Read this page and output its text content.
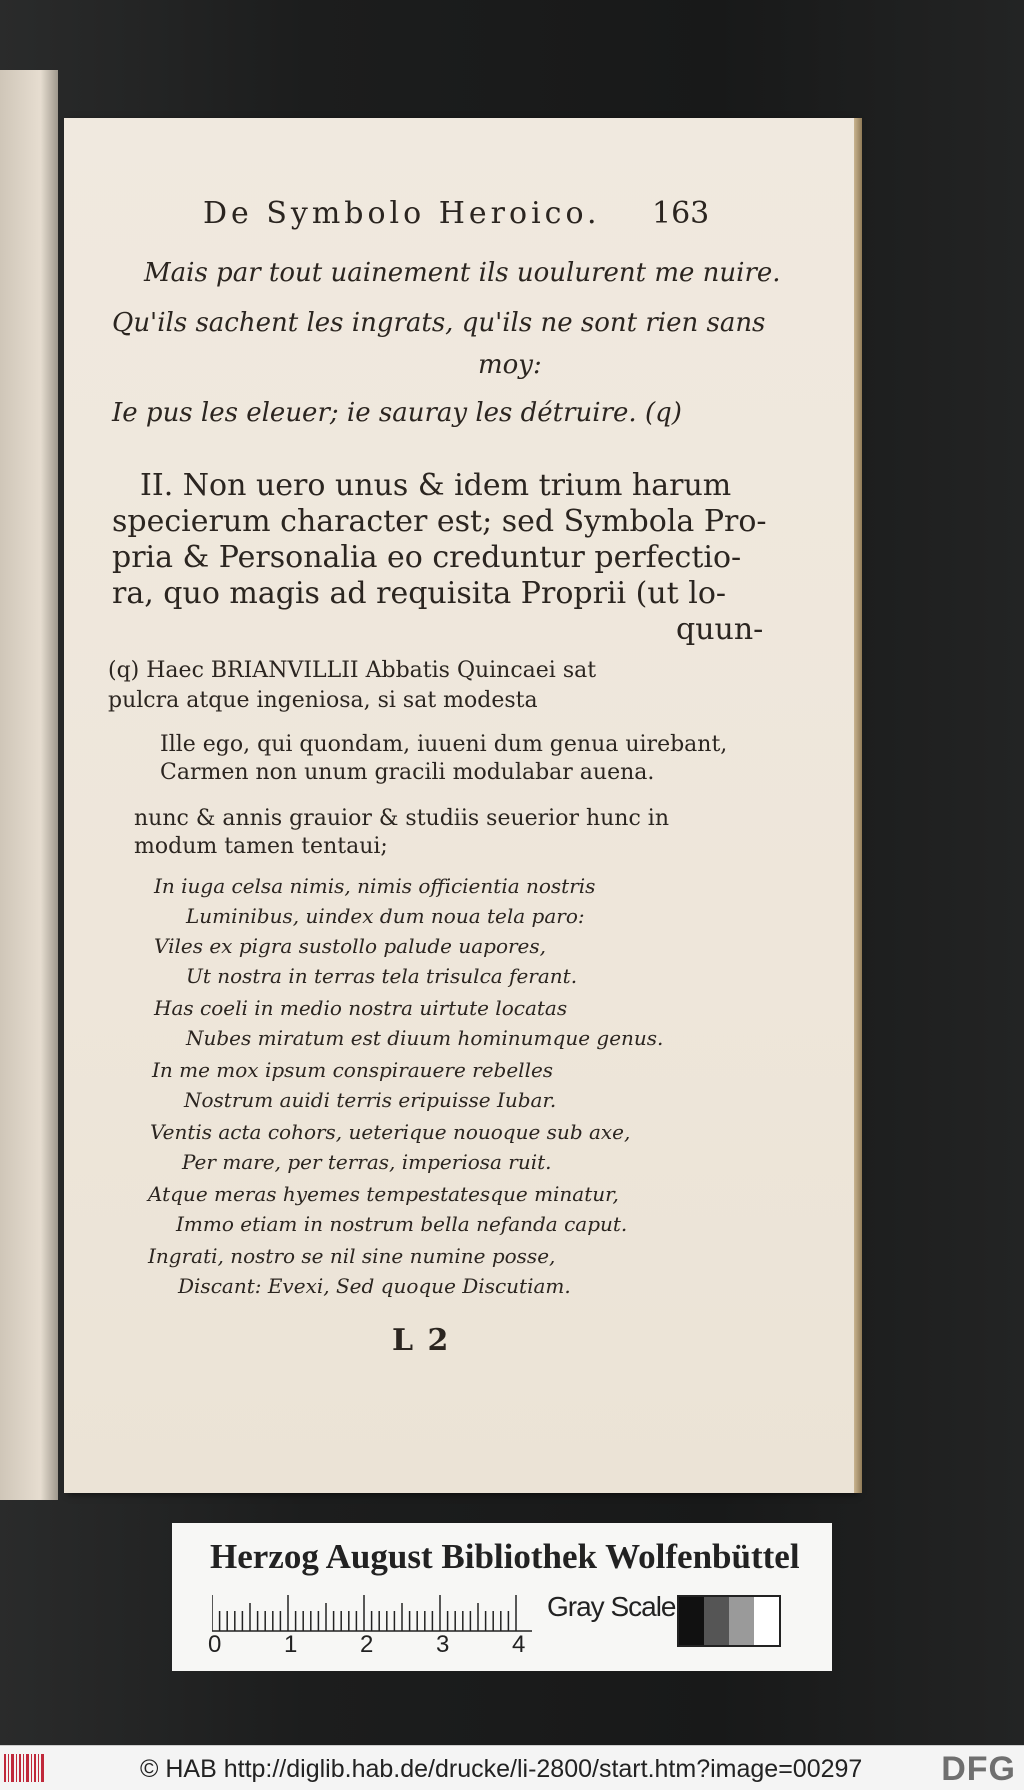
De Symbolo Heroico. 163
Mais par tout uainement ils uoulurent me nuire.
Qu'ils sachent les ingrats, qu'ils ne sont rien sans
moy:
Ie pus les eleuer; ie sauray les détruire. (q)
II. Non uero unus & idem trium harum
specierum character est; sed Symbola Pro-
pria & Personalia eo creduntur perfectio-
ra, quo magis ad requisita Proprii (ut lo-
quun-
(q) Haec BRIANVILLII Abbatis Quincaei sat
pulcra atque ingeniosa, si sat modesta
Ille ego, qui quondam, iuueni dum genua uirebant,
Carmen non unum gracili modulabar auena.
nunc & annis grauior & studiis seuerior hunc in
modum tamen tentaui;
In iuga celsa nimis, nimis officientia nostris
Luminibus, uindex dum noua tela paro:
Viles ex pigra sustollo palude uapores,
Ut nostra in terras tela trisulca ferant.
Has coeli in medio nostra uirtute locatas
Nubes miratum est diuum hominumque genus.
In me mox ipsum conspirauere rebelles
Nostrum auidi terris eripuisse Iubar.
Ventis acta cohors, ueterique nouoque sub axe,
Per mare, per terras, imperiosa ruit.
Atque meras hyemes tempestatesque minatur,
Immo etiam in nostrum bella nefanda caput.
Ingrati, nostro se nil sine numine posse,
Discant: Evexi, Sed quoque Discutiam.
L 2
Herzog August Bibliothek Wolfenbüttel
0	1	2	3	4
Gray Scale
© HAB http://diglib.hab.de/drucke/li-2800/start.htm?image=00297 DFG
